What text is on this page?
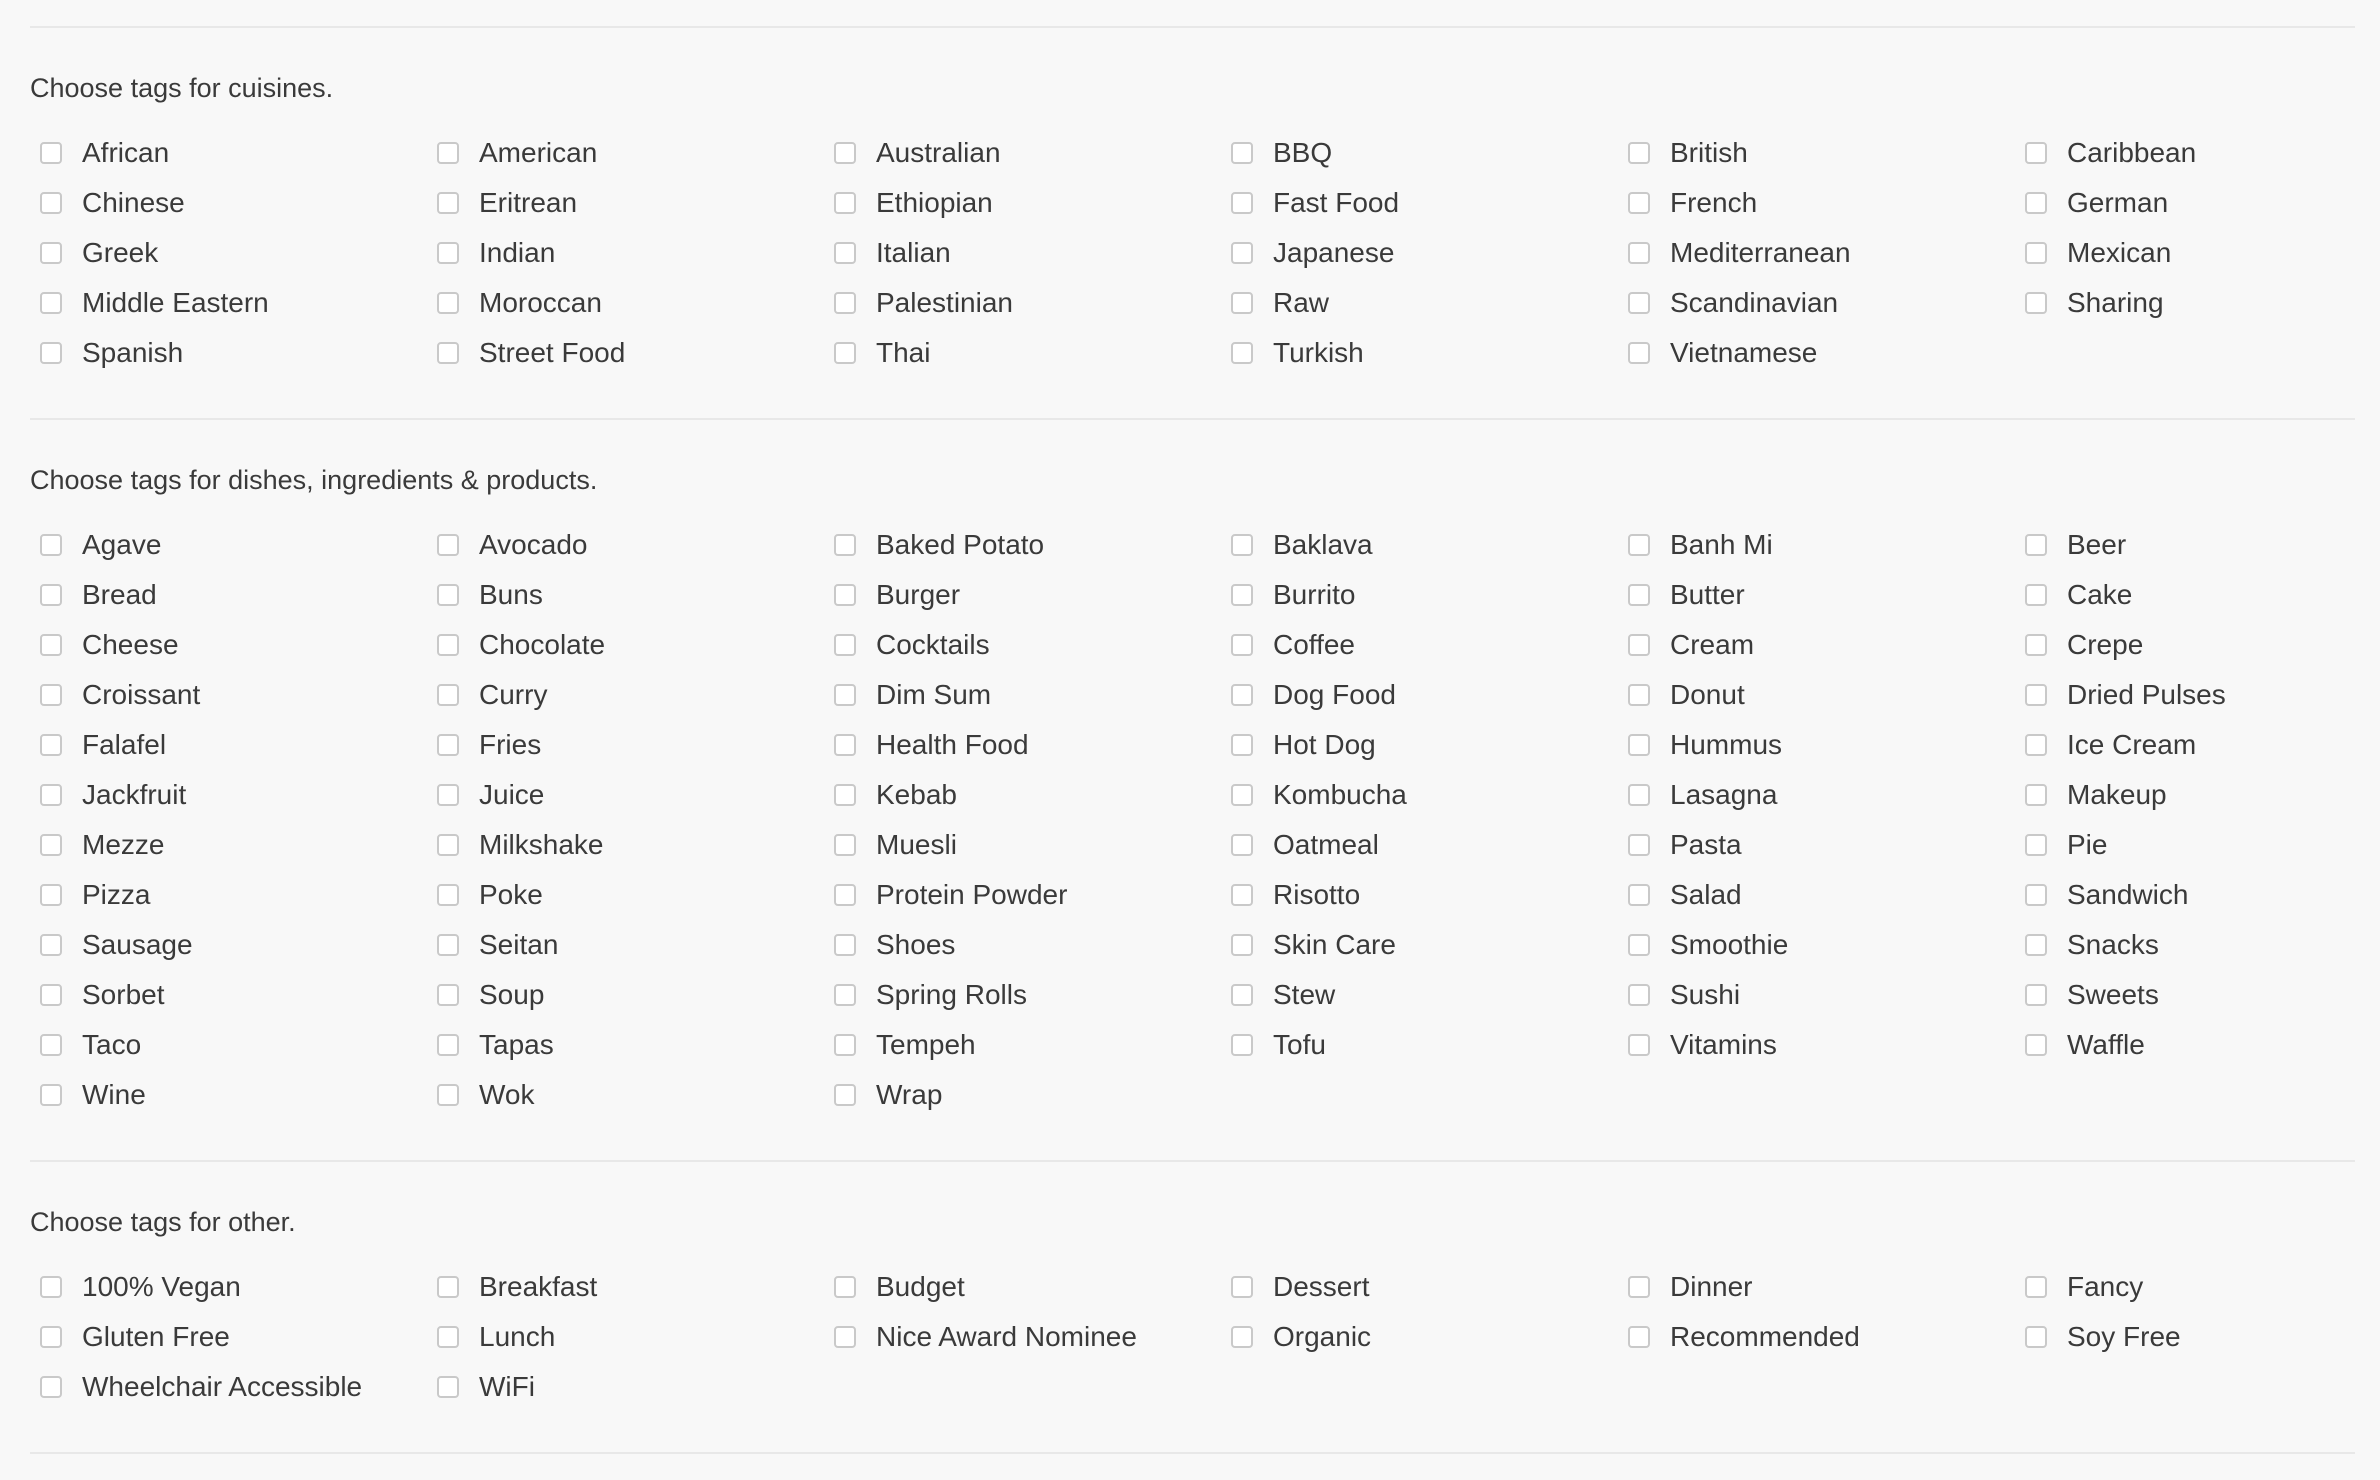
Choose tags for cuisines.
African	American	Australian	BBQ	British	Caribbean
Chinese	Eritrean	Ethiopian	Fast Food	French	German
Greek	Indian	Italian	Japanese	Mediterranean	Mexican
Middle Eastern	Moroccan	Palestinian	Raw	Scandinavian	Sharing
Spanish	Street Food	Thai	Turkish	Vietnamese
Choose tags for dishes, ingredients & products.
Agave	Avocado	Baked Potato	Baklava	Banh Mi	Beer
Bread	Buns	Burger	Burrito	Butter	Cake
Cheese	Chocolate	Cocktails	Coffee	Cream	Crepe
Croissant	Curry	Dim Sum	Dog Food	Donut	Dried Pulses
Falafel	Fries	Health Food	Hot Dog	Hummus	Ice Cream
Jackfruit	Juice	Kebab	Kombucha	Lasagna	Makeup
Mezze	Milkshake	Muesli	Oatmeal	Pasta	Pie
Pizza	Poke	Protein Powder	Risotto	Salad	Sandwich
Sausage	Seitan	Shoes	Skin Care	Smoothie	Snacks
Sorbet	Soup	Spring Rolls	Stew	Sushi	Sweets
Taco	Tapas	Tempeh	Tofu	Vitamins	Waffle
Wine	Wok	Wrap
Choose tags for other.
100% Vegan	Breakfast	Budget	Dessert	Dinner	Fancy
Gluten Free	Lunch	Nice Award Nominee	Organic	Recommended	Soy Free
Wheelchair Accessible	WiFi
